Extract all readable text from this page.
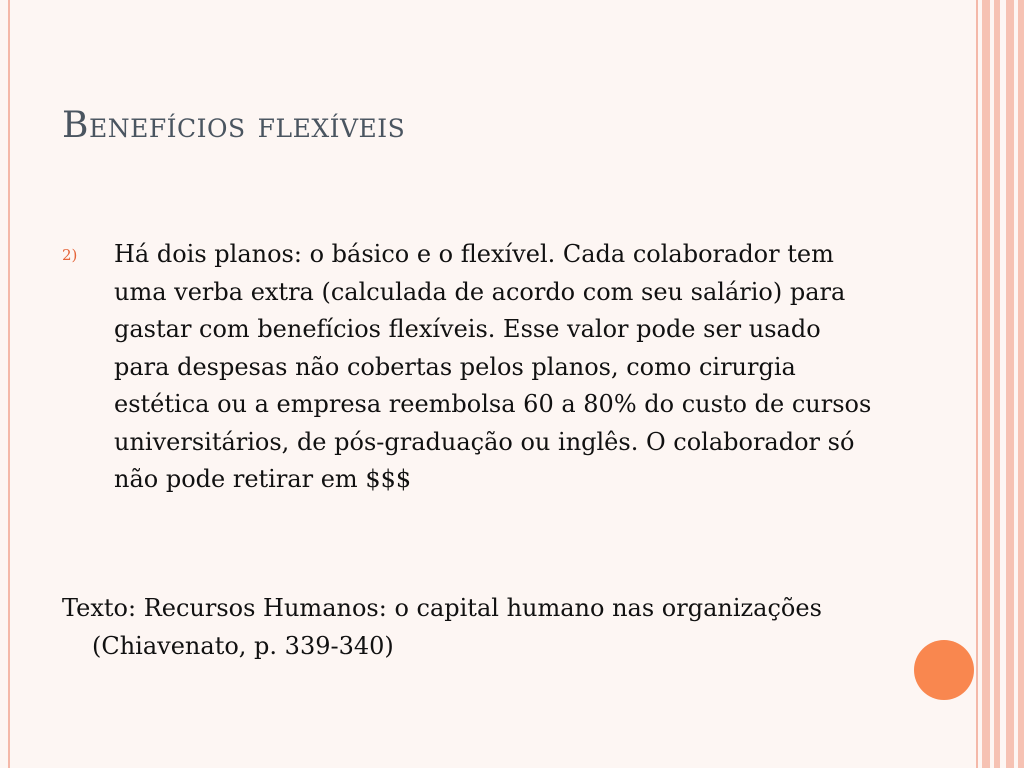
Benefícios flexíveis
2) Há dois planos: o básico e o flexível. Cada colaborador tem uma verba extra (calculada de acordo com seu salário) para gastar com benefícios flexíveis. Esse valor pode ser usado para despesas não cobertas pelos planos, como cirurgia estética ou a empresa reembolsa 60 a 80% do custo de cursos universitários, de pós-graduação ou inglês. O colaborador só não pode retirar em $$$
Texto: Recursos Humanos: o capital humano nas organizações (Chiavenato, p. 339-340)
